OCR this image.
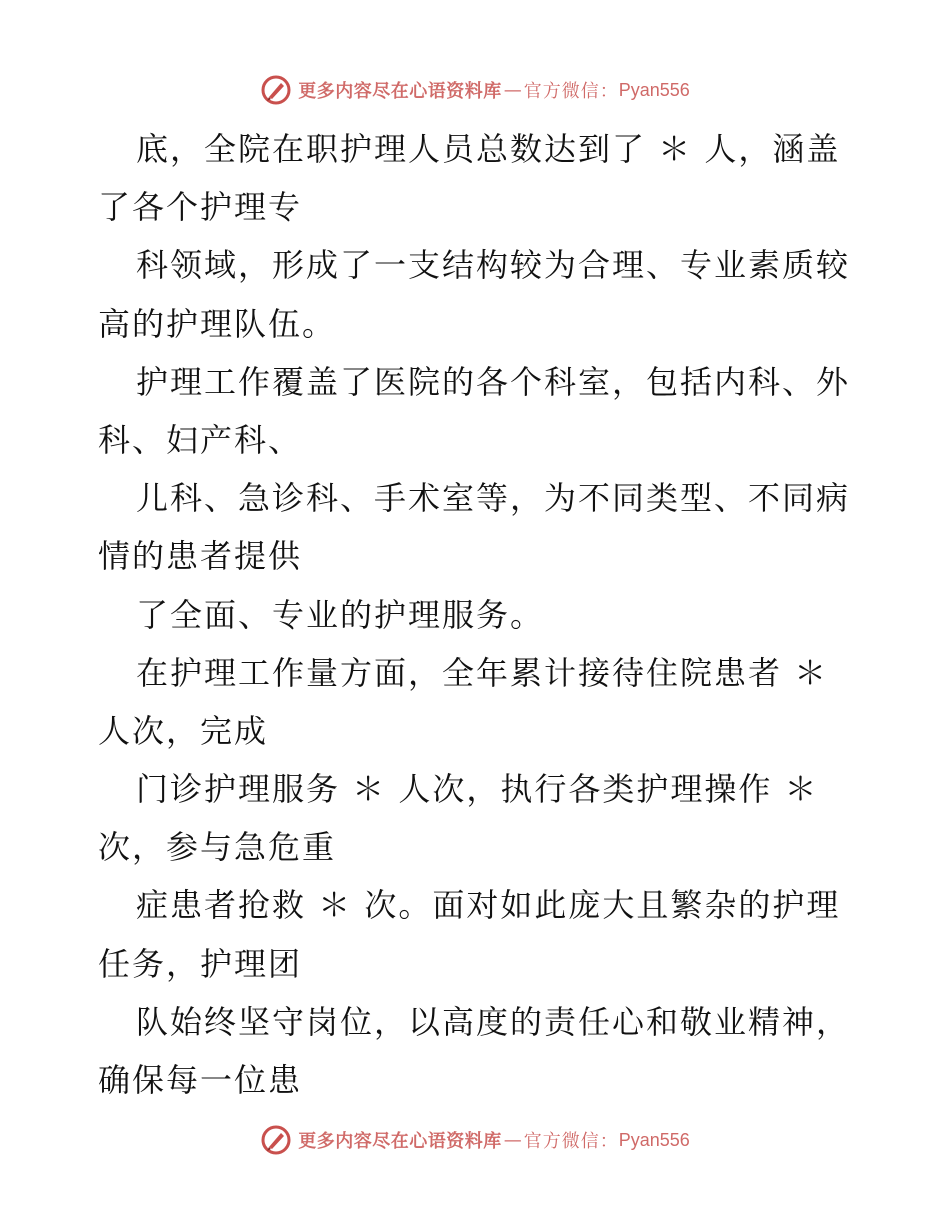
更多内容尽在心语资料库 — 官方微信： Pyan556
底，全院在职护理人员总数达到了 ＊ 人，涵盖
了各个护理专
科领域，形成了一支结构较为合理、专业素质较
高的护理队伍。
护理工作覆盖了医院的各个科室，包括内科、外
科、妇产科、
儿科、急诊科、手术室等，为不同类型、不同病
情的患者提供
了全面、专业的护理服务。
在护理工作量方面，全年累计接待住院患者 ＊
人次，完成
门诊护理服务 ＊ 人次，执行各类护理操作 ＊
次，参与急危重
症患者抢救 ＊ 次。面对如此庞大且繁杂的护理
任务，护理团
队始终坚守岗位，以高度的责任心和敬业精神，
确保每一位患
更多内容尽在心语资料库 — 官方微信： Pyan556
